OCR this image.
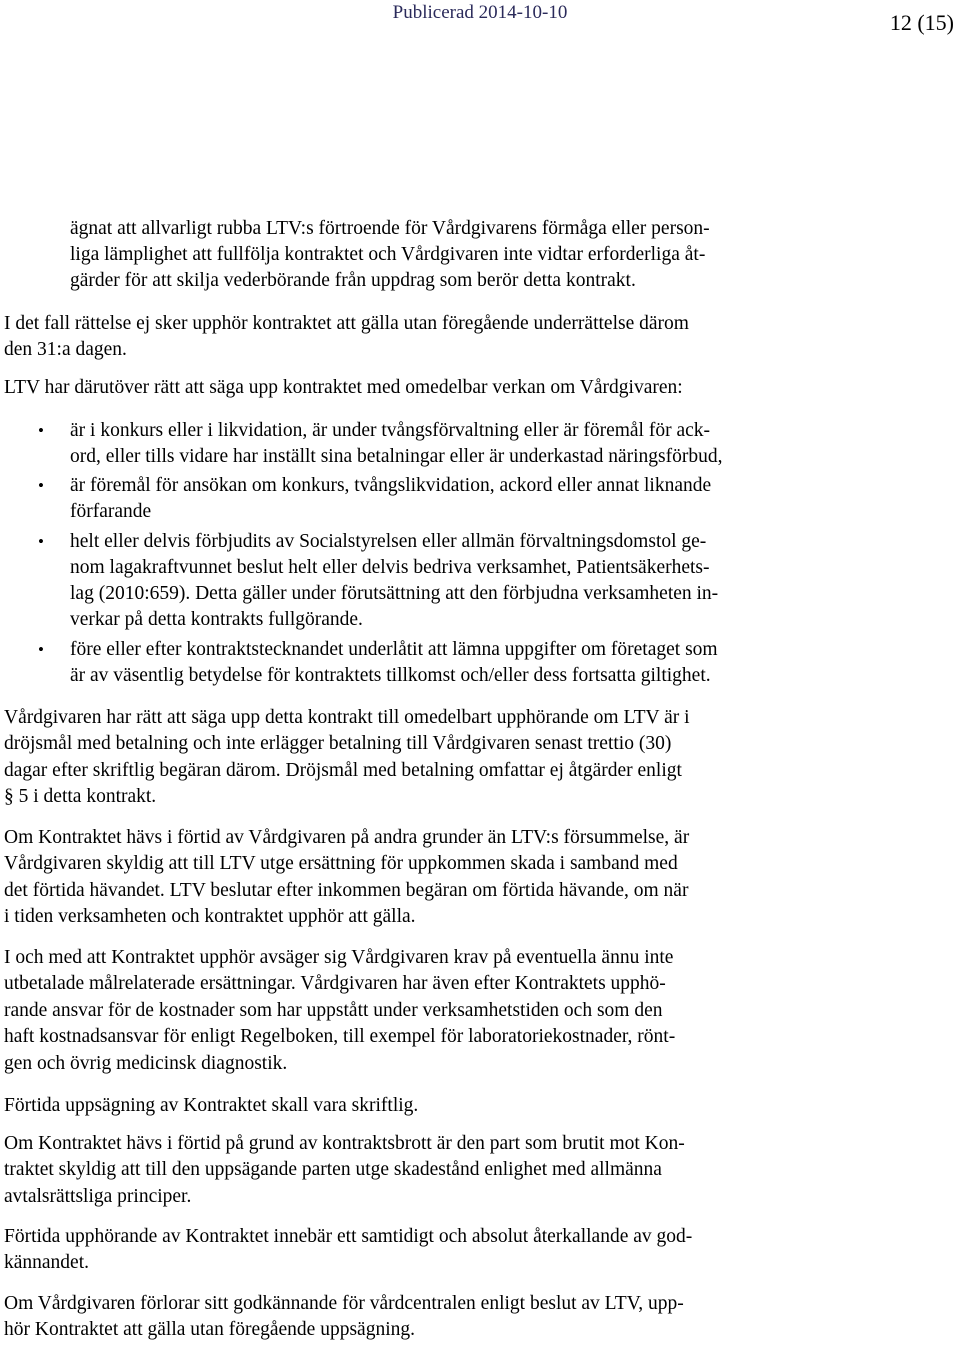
Publicerad 2014-10-10	12 (15)
ägnat att allvarligt rubba LTV:s förtroende för Vårdgivarens förmåga eller person-
liga lämplighet att fullfölja kontraktet och Vårdgivaren inte vidtar erforderliga åt-
gärder för att skilja vederbörande från uppdrag som berör detta kontrakt.
I det fall rättelse ej sker upphör kontraktet att gälla utan föregående underrättelse därom
den 31:a dagen.
LTV har därutöver rätt att säga upp kontraktet med omedelbar verkan om Vårdgivaren:
• är i konkurs eller i likvidation, är under tvångsförvaltning eller är föremål för ack-
ord, eller tills vidare har inställt sina betalningar eller är underkastad näringsförbud,
• är föremål för ansökan om konkurs, tvångslikvidation, ackord eller annat liknande
förfarande
• helt eller delvis förbjudits av Socialstyrelsen eller allmän förvaltningsdomstol ge-
nom lagakraftvunnet beslut helt eller delvis bedriva verksamhet, Patientsäkerhets-
lag (2010:659). Detta gäller under förutsättning att den förbjudna verksamheten in-
verkar på detta kontrakts fullgörande.
• före eller efter kontraktstecknandet underlåtit att lämna uppgifter om företaget som
är av väsentlig betydelse för kontraktets tillkomst och/eller dess fortsatta giltighet.
Vårdgivaren har rätt att säga upp detta kontrakt till omedelbart upphörande om LTV är i
dröjsmål med betalning och inte erlägger betalning till Vårdgivaren senast trettio (30)
dagar efter skriftlig begäran därom. Dröjsmål med betalning omfattar ej åtgärder enligt
§ 5 i detta kontrakt.
Om Kontraktet hävs i förtid av Vårdgivaren på andra grunder än LTV:s försummelse, är
Vårdgivaren skyldig att till LTV utge ersättning för uppkommen skada i samband med
det förtida hävandet. LTV beslutar efter inkommen begäran om förtida hävande, om när
i tiden verksamheten och kontraktet upphör att gälla.
I och med att Kontraktet upphör avsäger sig Vårdgivaren krav på eventuella ännu inte
utbetalade målrelaterade ersättningar. Vårdgivaren har även efter Kontraktets upphö-
rande ansvar för de kostnader som har uppstått under verksamhetstiden och som den
haft kostnadsansvar för enligt Regelboken, till exempel för laboratoriekostnader, rönt-
gen och övrig medicinsk diagnostik.
Förtida uppsägning av Kontraktet skall vara skriftlig.
Om Kontraktet hävs i förtid på grund av kontraktsbrott är den part som brutit mot Kon-
traktet skyldig att till den uppsägande parten utge skadestånd enlighet med allmänna
avtalsrättsliga principer.
Förtida upphörande av Kontraktet innebär ett samtidigt och absolut återkallande av god-
kännandet.
Om Vårdgivaren förlorar sitt godkännande för vårdcentralen enligt beslut av LTV, upp-
hör Kontraktet att gälla utan föregående uppsägning.
